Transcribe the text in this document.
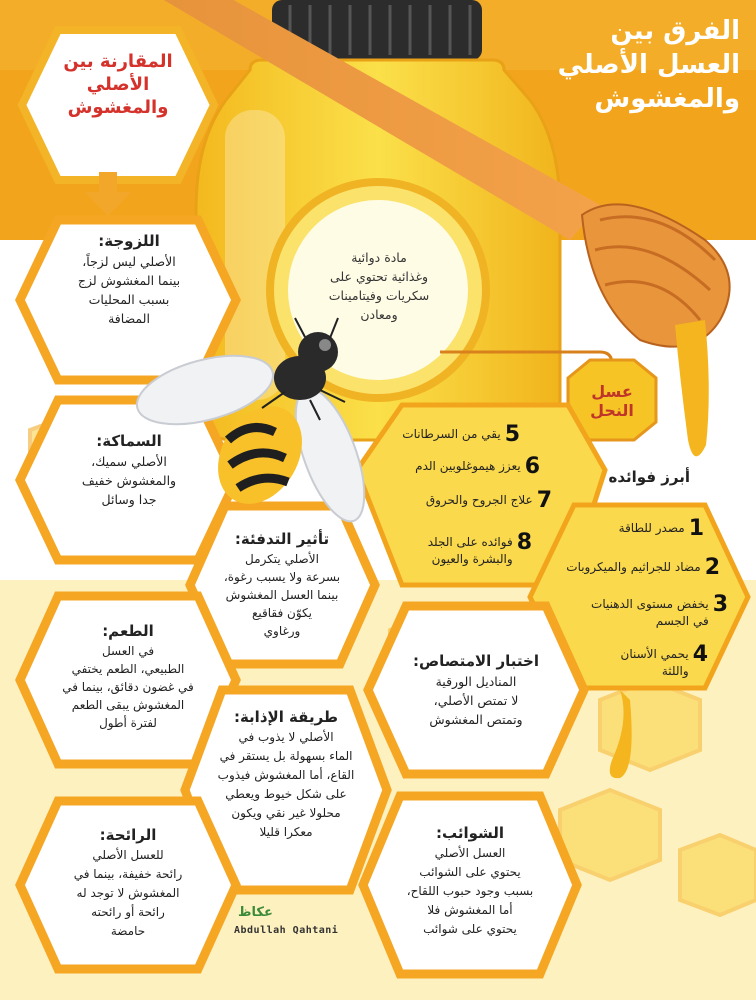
الفرق بين
العسل الأصلي
والمغشوش
المقارنة بين
الأصلي
والمغشوش
مادة دوائية
وغذائية تحتوي على
سكريات وفيتامينات
ومعادن
عسل
النحل
أبرز فوائده
5
يقي من السرطانات
6
يعزز هيموغلوبين الدم
7
علاج الجروح والحروق
8
فوائده على الجلد
والبشرة والعيون
1
مصدر للطاقة
2
مضاد للجراثيم والميكروبات
3
يخفض مستوى الدهنيات
في الجسم
4
يحمي الأسنان
واللثة
اللزوجة:
الأصلي ليس لزجاً،
بينما المغشوش لزج
بسبب المحليات
المضافة
السماكة:
الأصلي سميك،
والمغشوش خفيف
جدا وسائل
تأثير التدفئة:
الأصلي يتكرمل
بسرعة ولا يسبب رغوة،
بينما العسل المغشوش
يكوّن فقاقيع
ورغاوي
الطعم:
في العسل
الطبيعي، الطعم يختفي
في غضون دقائق، بينما في
المغشوش يبقى الطعم
لفترة أطول
اختبار الامتصاص:
المناديل الورقية
لا تمتص الأصلي،
وتمتص المغشوش
طريقة الإذابة:
الأصلي لا يذوب في
الماء بسهولة بل يستقر في
القاع، أما المغشوش فيذوب
على شكل خيوط ويعطي
محلولا غير نقي ويكون
معكرا قليلا
الرائحة:
للعسل الأصلي
رائحة خفيفة، بينما في
المغشوش لا توجد له
رائحة أو رائحته
حامضة
الشوائب:
العسل الأصلي
يحتوي على الشوائب
بسبب وجود حبوب اللقاح،
أما المغشوش فلا
يحتوي على شوائب
عكاظ
Abdullah Qahtani
